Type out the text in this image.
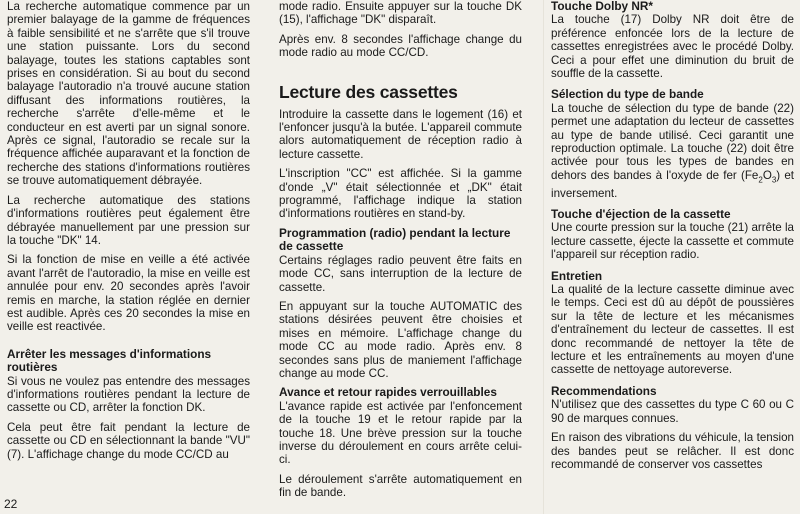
La recherche automatique commence par un premier balayage de la gamme de fréquences à faible sensibilité et ne s'arrête que s'il trouve une station puissante. Lors du second balayage, toutes les stations captables sont prises en considération. Si au bout du second balayage l'autoradio n'a trouvé aucune station diffusant des informations routières, la recherche s'arrête d'elle-même et le conducteur en est averti par un signal sonore. Après ce signal, l'autoradio se recale sur la fréquence affichée auparavant et la fonction de recherche des stations d'informations routières se trouve automatiquement débrayée.

La recherche automatique des stations d'informations routières peut également être débrayée manuellement par une pression sur la touche "DK" 14.

Si la fonction de mise en veille a été activée avant l'arrêt de l'autoradio, la mise en veille est annulée pour env. 20 secondes après l'avoir remis en marche, la station réglée en dernier est audible. Après ces 20 secondes la mise en veille est reactivée.

Arrêter les messages d'informations routières

Si vous ne voulez pas entendre des messages d'informations routières pendant la lecture de cassette ou CD, arrêter la fonction DK.

Cela peut être fait pendant la lecture de cassette ou CD en sélectionnant la bande "VU" (7). L'affichage change du mode CC/CD au

mode radio. Ensuite appuyer sur la touche DK (15), l'affichage "DK" disparaît.

Après env. 8 secondes l'affichage change du mode radio au mode CC/CD.

Lecture des cassettes

Introduire la cassette dans le logement (16) et l'enfoncer jusqu'à la butée. L'appareil commute alors automatiquement de réception radio à lecture cassette.

L'inscription "CC" est affichée. Si la gamme d'onde „V" était sélectionnée et „DK" était programmé, l'affichage indique la station d'informations routières en stand-by.

Programmation (radio) pendant la lecture de cassette

Certains réglages radio peuvent être faits en mode CC, sans interruption de la lecture de cassette.

En appuyant sur la touche AUTOMATIC des stations désirées peuvent être choisies et mises en mémoire. L'affichage change du mode CC au mode radio. Après env. 8 secondes sans plus de maniement l'affichage change au mode CC.

Avance et retour rapides verrouillables

L'avance rapide est activée par l'enfoncement de la touche 19 et le retour rapide par la touche 18. Une brève pression sur la touche inverse du déroulement en cours arrête celui-ci.

Le déroulement s'arrête automatiquement en fin de bande.

Touche Dolby NR*

La touche (17) Dolby NR doit être de préférence enfoncée lors de la lecture de cassettes enregistrées avec le procédé Dolby. Ceci a pour effet une diminution du bruit de souffle de la cassette.

Sélection du type de bande

La touche de sélection du type de bande (22) permet une adaptation du lecteur de cassettes au type de bande utilisé. Ceci garantit une reproduction optimale. La touche (22) doit être activée pour tous les types de bandes en dehors des bandes à l'oxyde de fer $(Fe_2O_3)$ et inversement.

Touche d'éjection de la cassette

Une courte pression sur la touche (21) arrête la lecture cassette, éjecte la cassette et commute l'appareil sur réception radio.

Entretien

La qualité de la lecture cassette diminue avec le temps. Ceci est dû au dépôt de poussières sur la tête de lecture et les mécanismes d'entraînement du lecteur de cassettes. Il est donc recommandé de nettoyer la tête de lecture et les entraînements au moyen d'une cassette de nettoyage autoreverse.

Recommendations

N'utilisez que des cassettes du type C 60 ou C 90 de marques connues.

En raison des vibrations du véhicule, la tension des bandes peut se relâcher. Il est donc recommandé de conserver vos cassettes

22
